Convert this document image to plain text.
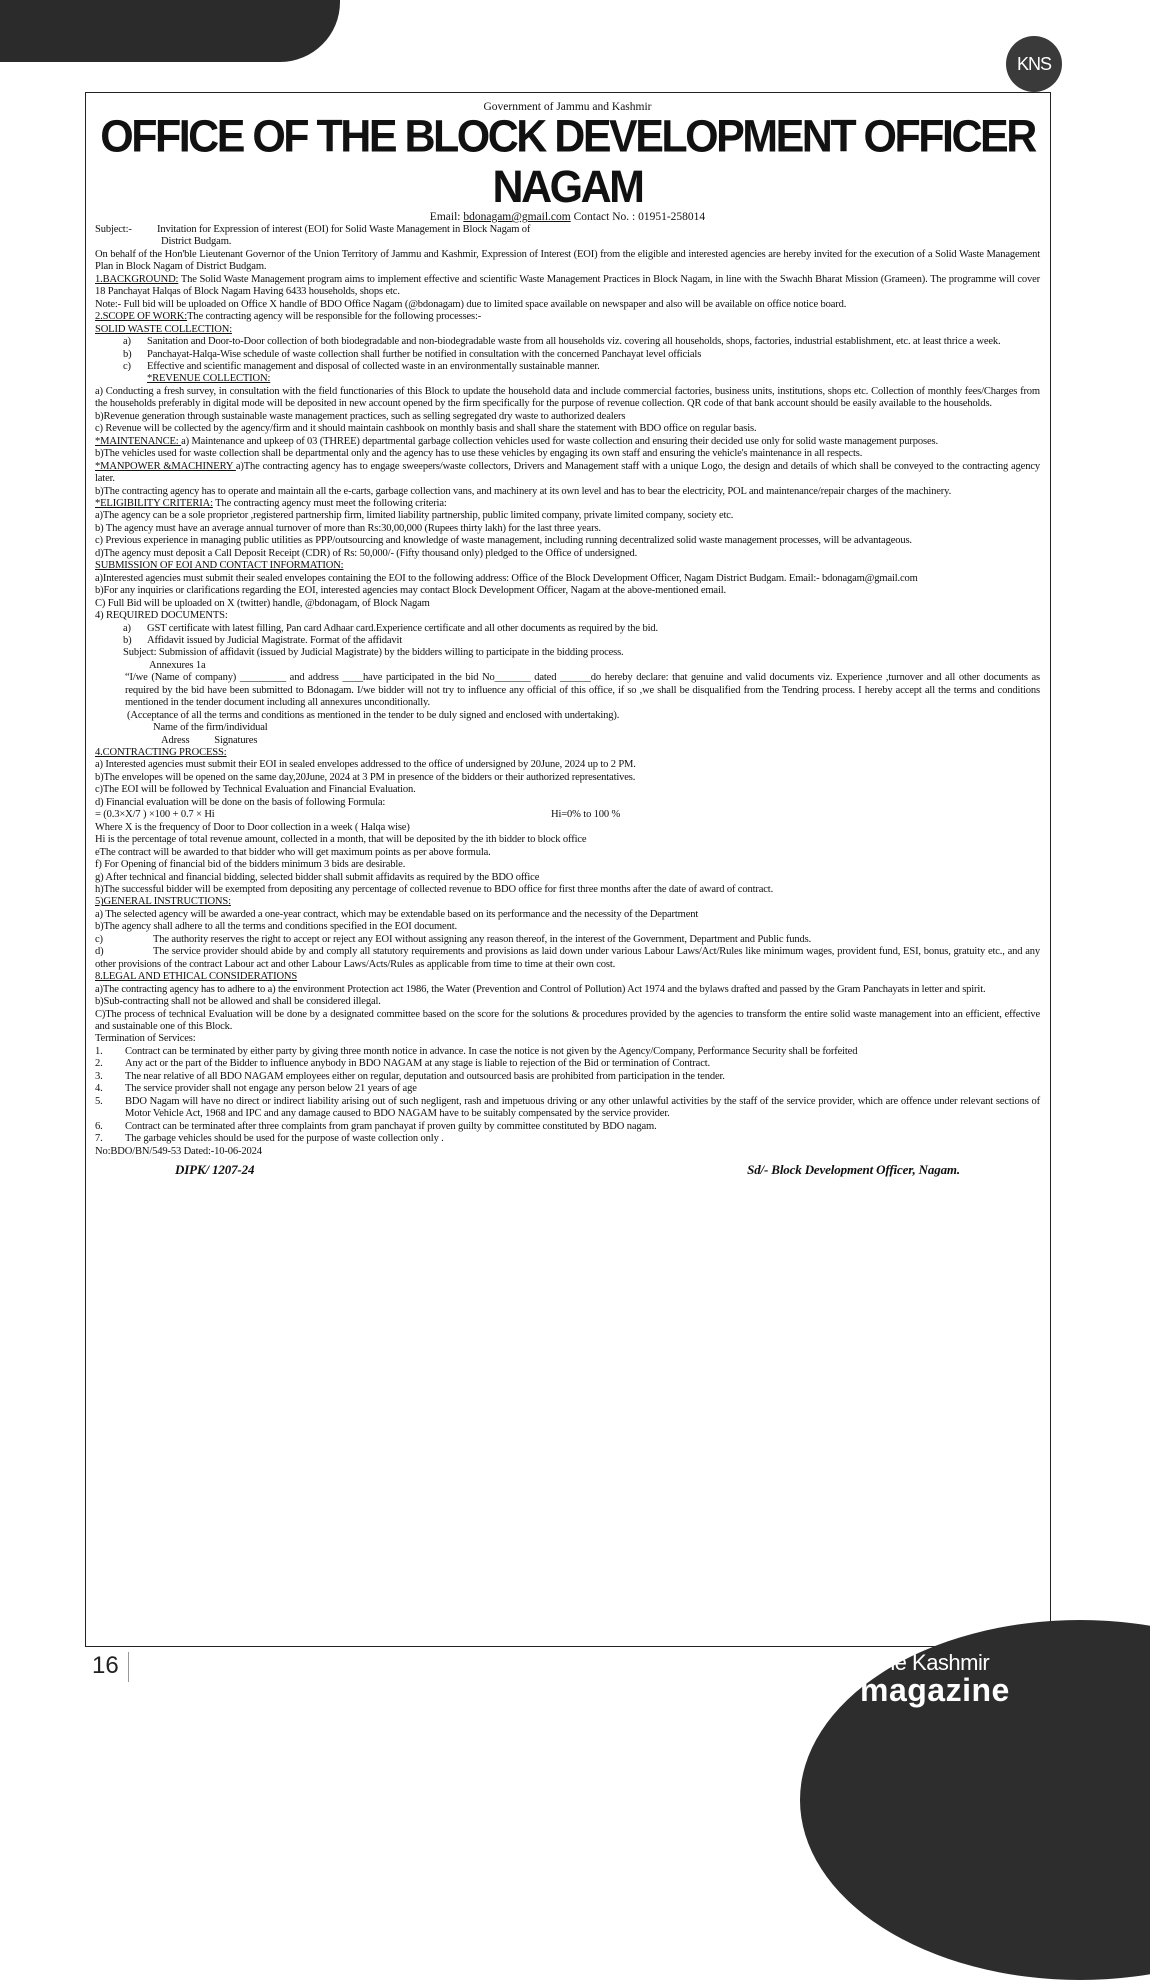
KNS
Government of Jammu and Kashmir
OFFICE OF THE BLOCK DEVELOPMENT OFFICER NAGAM
Email: bdonagam@gmail.com Contact No. : 01951-258014
Subject:-	Invitation for Expression of interest (EOI) for Solid Waste Management in Block Nagam of
District Budgam.

On behalf of the Hon'ble Lieutenant Governor of the Union Territory of Jammu and Kashmir, Expression of Interest (EOI) from the eligible and interested agencies are hereby invited for the execution of a Solid Waste Management Plan in Block Nagam of District Budgam.

1.BACKGROUND: The Solid Waste Management program aims to implement effective and scientific Waste Management Practices in Block Nagam, in line with the Swachh Bharat Mission (Grameen). The programme will cover 18 Panchayat Halqas of Block Nagam Having 6433 households, shops etc.

Note:- Full bid will be uploaded on Office X handle of BDO Office Nagam (@bdonagam) due to limited space available on newspaper and also will be available on office notice board.

2.SCOPE OF WORK:The contracting agency will be responsible for the following processes:-

SOLID WASTE COLLECTION:

a)	Sanitation and Door-to-Door collection of both biodegradable and non-biodegradable waste from all households viz. covering all households, shops, factories, industrial establishment, etc. at least thrice a week.
b)	Panchayat-Halqa-Wise schedule of waste collection shall further be notified in consultation with the concerned Panchayat level officials
c)	Effective and scientific management and disposal of collected waste in an environmentally sustainable manner.

*REVENUE COLLECTION:

a) Conducting a fresh survey, in consultation with the field functionaries of this Block to update the household data and include commercial factories, business units, institutions, shops etc. Collection of monthly fees/Charges from the households preferably in digital mode will be deposited in new account opened by the firm specifically for the purpose of revenue collection. QR code of that bank account should be easily available to the households.

b)Revenue generation through sustainable waste management practices, such as selling segregated dry waste to authorized dealers

c) Revenue will be collected by the agency/firm and it should maintain cashbook on monthly basis and shall share the statement with BDO office on regular basis.

*MAINTENANCE: a) Maintenance and upkeep of 03 (THREE) departmental garbage collection vehicles used for waste collection and ensuring their decided use only for solid waste management purposes.

b)The vehicles used for waste collection shall be departmental only and the agency has to use these vehicles by engaging its own staff and ensuring the vehicle's maintenance in all respects.

*MANPOWER &MACHINERY a)The contracting agency has to engage sweepers/waste collectors, Drivers and Management staff with a unique Logo, the design and details of which shall be conveyed to the contracting agency later.

b)The contracting agency has to operate and maintain all the e-carts, garbage collection vans, and machinery at its own level and has to bear the electricity, POL and maintenance/repair charges of the machinery.

*ELIGIBILITY CRITERIA: The contracting agency must meet the following criteria:

a)The agency can be a sole proprietor ,registered partnership firm, limited liability partnership, public limited company, private limited company, society etc.

b) The agency must have an average annual turnover of more than Rs:30,00,000 (Rupees thirty lakh) for the last three years.

c) Previous experience in managing public utilities as PPP/outsourcing and knowledge of waste management, including running decentralized solid waste management processes, will be advantageous.

d)The agency must deposit a Call Deposit Receipt (CDR) of Rs: 50,000/- (Fifty thousand only) pledged to the Office of undersigned.

SUBMISSION OF EOI AND CONTACT INFORMATION:

a)Interested agencies must submit their sealed envelopes containing the EOI to the following address: Office of the Block Development Officer, Nagam District Budgam. Email:- bdonagam@gmail.com

b)For any inquiries or clarifications regarding the EOI, interested agencies may contact Block Development Officer, Nagam at the above-mentioned email.

C) Full Bid will be uploaded on X (twitter) handle, @bdonagam, of Block Nagam

4) REQUIRED DOCUMENTS:

a)	GST certificate with latest filling, Pan card Adhaar card.Experience certificate and all other documents as required by the bid.
b)	Affidavit issued by Judicial Magistrate. Format of the affidavit

Subject: Submission of affidavit (issued by Judicial Magistrate) by the bidders willing to participate in the bidding process.

Annexures 1a

“I/we (Name of company) _________ and address ____have participated in the bid No_______ dated ______do hereby declare: that genuine and valid documents viz. Experience ,turnover and all other documents as required by the bid have been submitted to Bdonagam. I/we bidder will not try to influence any official of this office, if so ,we shall be disqualified from the Tendring process. I hereby accept all the terms and conditions mentioned in the tender document including all annexures unconditionally.

(Acceptance of all the terms and conditions as mentioned in the tender to be duly signed and enclosed with undertaking).

Name of the firm/individual

Adress          Signatures

4.CONTRACTING PROCESS:

a) Interested agencies must submit their EOI in sealed envelopes addressed to the office of undersigned by 20June, 2024 up to 2 PM.

b)The envelopes will be opened on the same day,20June, 2024 at 3 PM in presence of the bidders or their authorized representatives.

c)The EOI will be followed by Technical Evaluation and Financial Evaluation.

d) Financial evaluation will be done on the basis of following Formula:

= (0.3×X/7 ) ×100 + 0.7 × Hi	Hi=0% to 100 %

Where X is the frequency of Door to Door collection in a week ( Halqa wise)

Hi is the percentage of total revenue amount, collected in a month, that will be deposited by the ith bidder to block office

eThe contract will be awarded to that bidder who will get maximum points as per above formula.

f) For Opening of financial bid of the bidders minimum 3 bids are desirable.

g) After technical and financial bidding, selected bidder shall submit affidavits as required by the BDO office

h)The successful bidder will be exempted from depositing any percentage of collected revenue to BDO office for first three months after the date of award of contract.

5)GENERAL INSTRUCTIONS:

a) The selected agency will be awarded a one-year contract, which may be extendable based on its performance and the necessity of the Department

b)The agency shall adhere to all the terms and conditions specified in the EOI document.

c)	The authority reserves the right to accept or reject any EOI without assigning any reason thereof, in the interest of the Government, Department and Public funds.

d)	The service provider should abide by and comply all statutory requirements and provisions as laid down under various Labour Laws/Act/Rules like minimum wages, provident fund, ESI, bonus, gratuity etc., and any other provisions of the contract Labour act and other Labour Laws/Acts/Rules as applicable from time to time at their own cost.

8.LEGAL AND ETHICAL CONSIDERATIONS

a)The contracting agency has to adhere to a) the environment Protection act 1986, the Water (Prevention and Control of Pollution) Act 1974 and the bylaws drafted and passed by the Gram Panchayats in letter and spirit.

b)Sub-contracting shall not be allowed and shall be considered illegal.

C)The process of technical Evaluation will be done by a designated committee based on the score for the solutions & procedures provided by the agencies to transform the entire solid waste management into an efficient, effective and sustainable one of this Block.

Termination of Services:

1.	Contract can be terminated by either party by giving three month notice in advance. In case the notice is not given by the Agency/Company, Performance Security shall be forfeited
2.	Any act or the part of the Bidder to influence anybody in BDO NAGAM at any stage is liable to rejection of the Bid or termination of Contract.
3.	The near relative of all BDO NAGAM employees either on regular, deputation and outsourced basis are prohibited from participation in the tender.
4.	The service provider shall not engage any person below 21 years of age
5.	BDO Nagam will have no direct or indirect liability arising out of such negligent, rash and impetuous driving or any other unlawful activities by the staff of the service provider, which are offence under relevant sections of Motor Vehicle Act, 1968 and IPC and any damage caused to BDO NAGAM have to be suitably compensated by the service provider.
6.	Contract can be terminated after three complaints from gram panchayat if proven guilty by committee constituted by BDO nagam.
7.	The garbage vehicles should be used for the purpose of waste collection only .

No:BDO/BN/549-53 Dated:-10-06-2024

DIPK/ 1207-24	Sd/- Block Development Officer, Nagam.
16	The Kashmir
magazine
